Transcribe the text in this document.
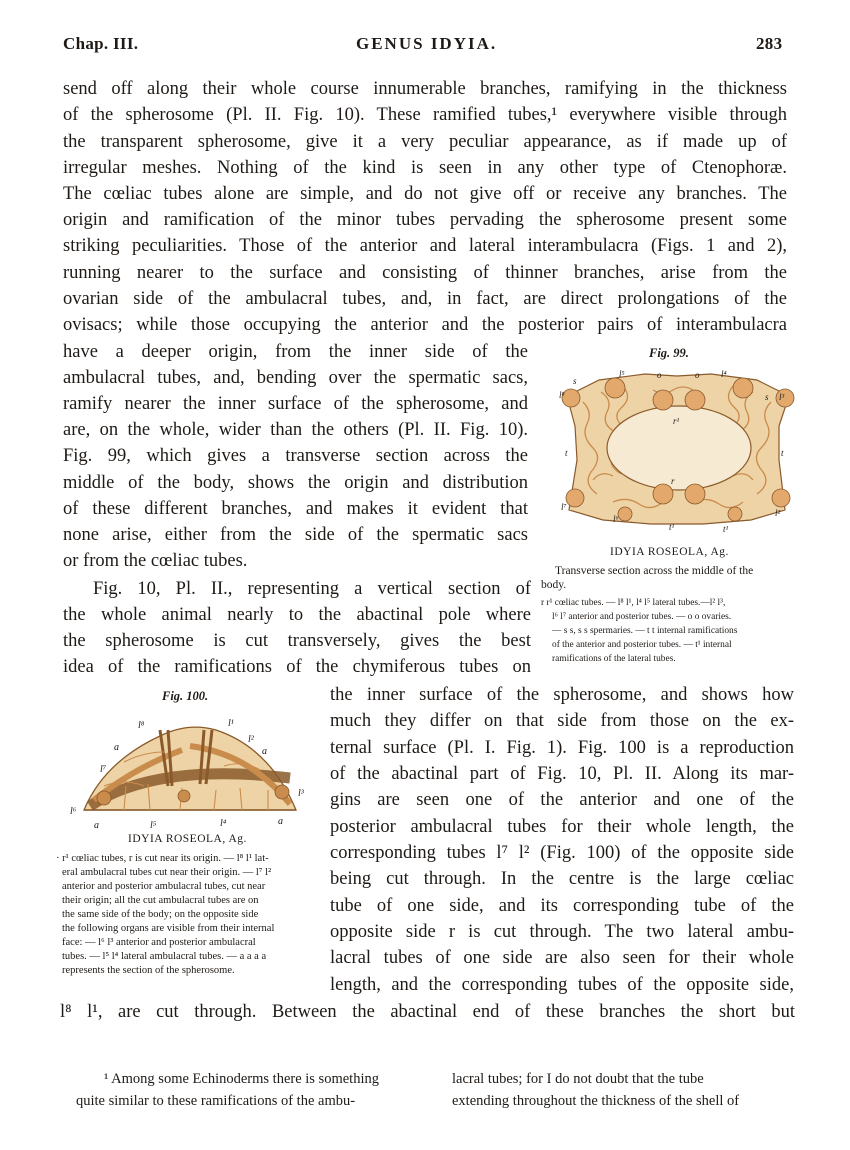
Chap. III.	GENUS IDYIA.	283
send off along their whole course innumerable branches, ramifying in the thickness
of the spherosome (Pl. II. Fig. 10). These ramified tubes,¹ everywhere visible through
the transparent spherosome, give it a very peculiar appearance, as if made up of
irregular meshes. Nothing of the kind is seen in any other type of Ctenophoræ.
The cœliac tubes alone are simple, and do not give off or receive any branches. The
origin and ramification of the minor tubes pervading the spherosome present some
striking peculiarities. Those of the anterior and lateral interambulacra (Figs. 1 and 2),
running nearer to the surface and consisting of thinner branches, arise from the
ovarian side of the ambulacral tubes, and, in fact, are direct prolongations of the
ovisacs; while those occupying the anterior and the posterior pairs of interambulacra
have a deeper origin, from the inner side of the
ambulacral tubes, and, bending over the spermatic sacs,
ramify nearer the inner surface of the spherosome, and
are, on the whole, wider than the others (Pl. II. Fig. 10).
Fig. 99, which gives a transverse section across the
middle of the body, shows the origin and distribution
of these different branches, and makes it evident that
none arise, either from the side of the spermatic sacs
or from the cœliac tubes.
Fig. 10, Pl. II., representing a vertical section of
the whole animal nearly to the abactinal pole where
the spherosome is cut transversely, gives the best
idea of the ramifications of the chymiferous tubes on
Fig. 99.
l⁸
s
l⁵	o	o l⁴
s l³
r¹
t	t
r
l⁷
l⁶
t¹	t¹
l²
IDYIA ROSEOLA, Ag.
Transverse section across the middle of the
body.
r r¹ cœliac tubes. — l⁸ l¹, l⁴ l⁵ lateral tubes.—l² l³,
l⁶ l⁷ anterior and posterior tubes. — o o ovaries.
— s s, s s spermaries. — t t internal ramifications
of the anterior and posterior tubes. — t¹ internal
ramifications of the lateral tubes.
Fig. 100.
l⁸	l¹
a
l²
a
l⁷
l³
l⁶
a	l⁵	l⁴	a
IDYIA ROSEOLA, Ag.
· r¹ cœliac tubes, r is cut near its origin. — l⁸ l¹ lat-
eral ambulacral tubes cut near their origin. — l⁷ l²
anterior and posterior ambulacral tubes, cut near
their origin; all the cut ambulacral tubes are on
the same side of the body; on the opposite side
the following organs are visible from their internal
face: — l⁶ l³ anterior and posterior ambulacral
tubes. — l⁵ l⁴ lateral ambulacral tubes. — a a a a
represents the section of the spherosome.
the inner surface of the spherosome, and shows how
much they differ on that side from those on the ex-
ternal surface (Pl. I. Fig. 1). Fig. 100 is a reproduction
of the abactinal part of Fig. 10, Pl. II. Along its mar-
gins are seen one of the anterior and one of the
posterior ambulacral tubes for their whole length, the
corresponding tubes l⁷ l² (Fig. 100) of the opposite side
being cut through. In the centre is the large cœliac
tube of one side, and its corresponding tube of the
opposite side r is cut through. The two lateral ambu-
lacral tubes of one side are also seen for their whole
length, and the corresponding tubes of the opposite side,
l⁸ l¹, are cut through. Between the abactinal end of these branches the short but
¹ Among some Echinoderms there is something
quite similar to these ramifications of the ambu-
lacral tubes; for I do not doubt that the tube
extending throughout the thickness of the shell of
